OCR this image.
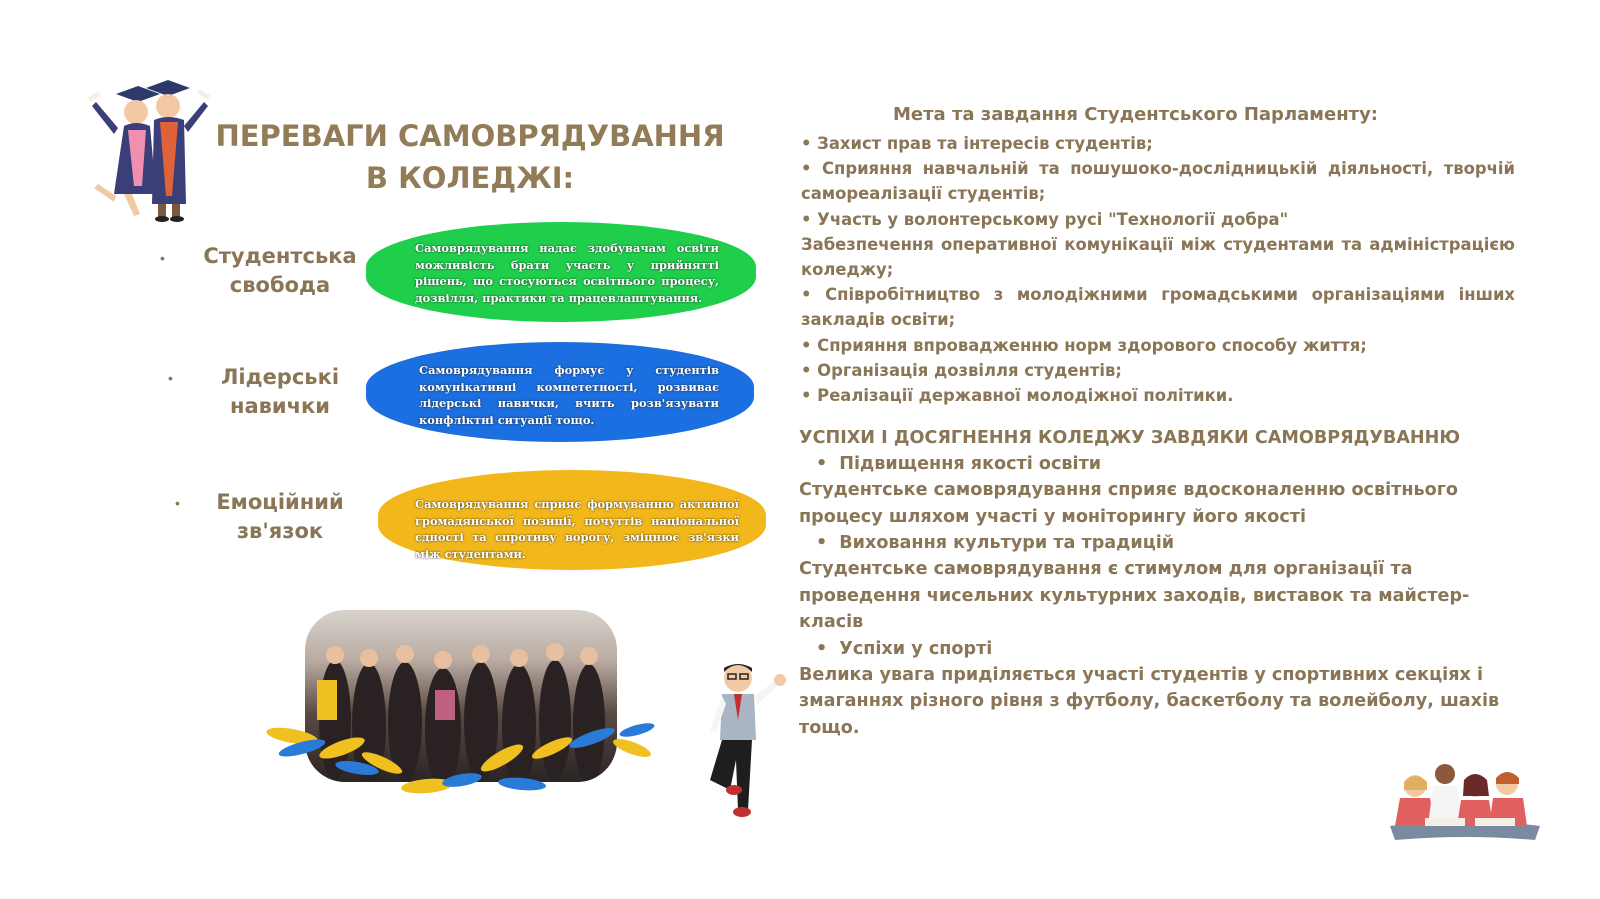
ПЕРЕВАГИ САМОВРЯДУВАННЯ В КОЛЕДЖІ:
•	Студентська свобода
Самоврядування надає здобувачам освіти можливість брати участь у прийнятті рішень, що стосуються освітнього процесу, дозвілля, практики та працевлаштування.
•	Лідерські навички
Самоврядування формує у студентів комунікативні компететності, розвиває лідерські навички, вчить розв'язувати конфліктні ситуації тощо.
•	Емоційний зв'язок
Самоврядування сприяє формуванню активної громадянської позиції, почуттів національної єдності та спротиву ворогу, зміцнює зв'язки між студентами.
Мета та завдання Студентського Парламенту:

• Захист прав та інтересів студентів;

• Сприяння навчальній та пошушоко-дослідницькій діяльності, творчій самореалізації студентів;

• Участь у волонтерському русі "Технології добра"

Забезпечення оперативної комунікації між студентами та адміністрацією коледжу;

• Співробітництво з молодіжними громадськими організаціями інших закладів освіти;

• Сприяння впровадженню норм здорового способу життя;

• Організація дозвілля студентів;

• Реалізації державної молодіжної політики.

УСПІХИ І ДОСЯГНЕННЯ КОЛЕДЖУ ЗАВДЯКИ САМОВРЯДУВАННЮ

• Підвищення якості освіти

Студентське самоврядування сприяє вдосконаленню освітнього процесу шляхом участі у моніторингу його якості

• Виховання культури та традицій

Студентське самоврядування є стимулом для організації та проведення чисельних культурних заходів, виставок та майстер-класів

• Успіхи у спорті

Велика увага приділяється участі студентів у спортивних секціях і змаганнях різного рівня з футболу, баскетболу та волейболу, шахів тощо.
